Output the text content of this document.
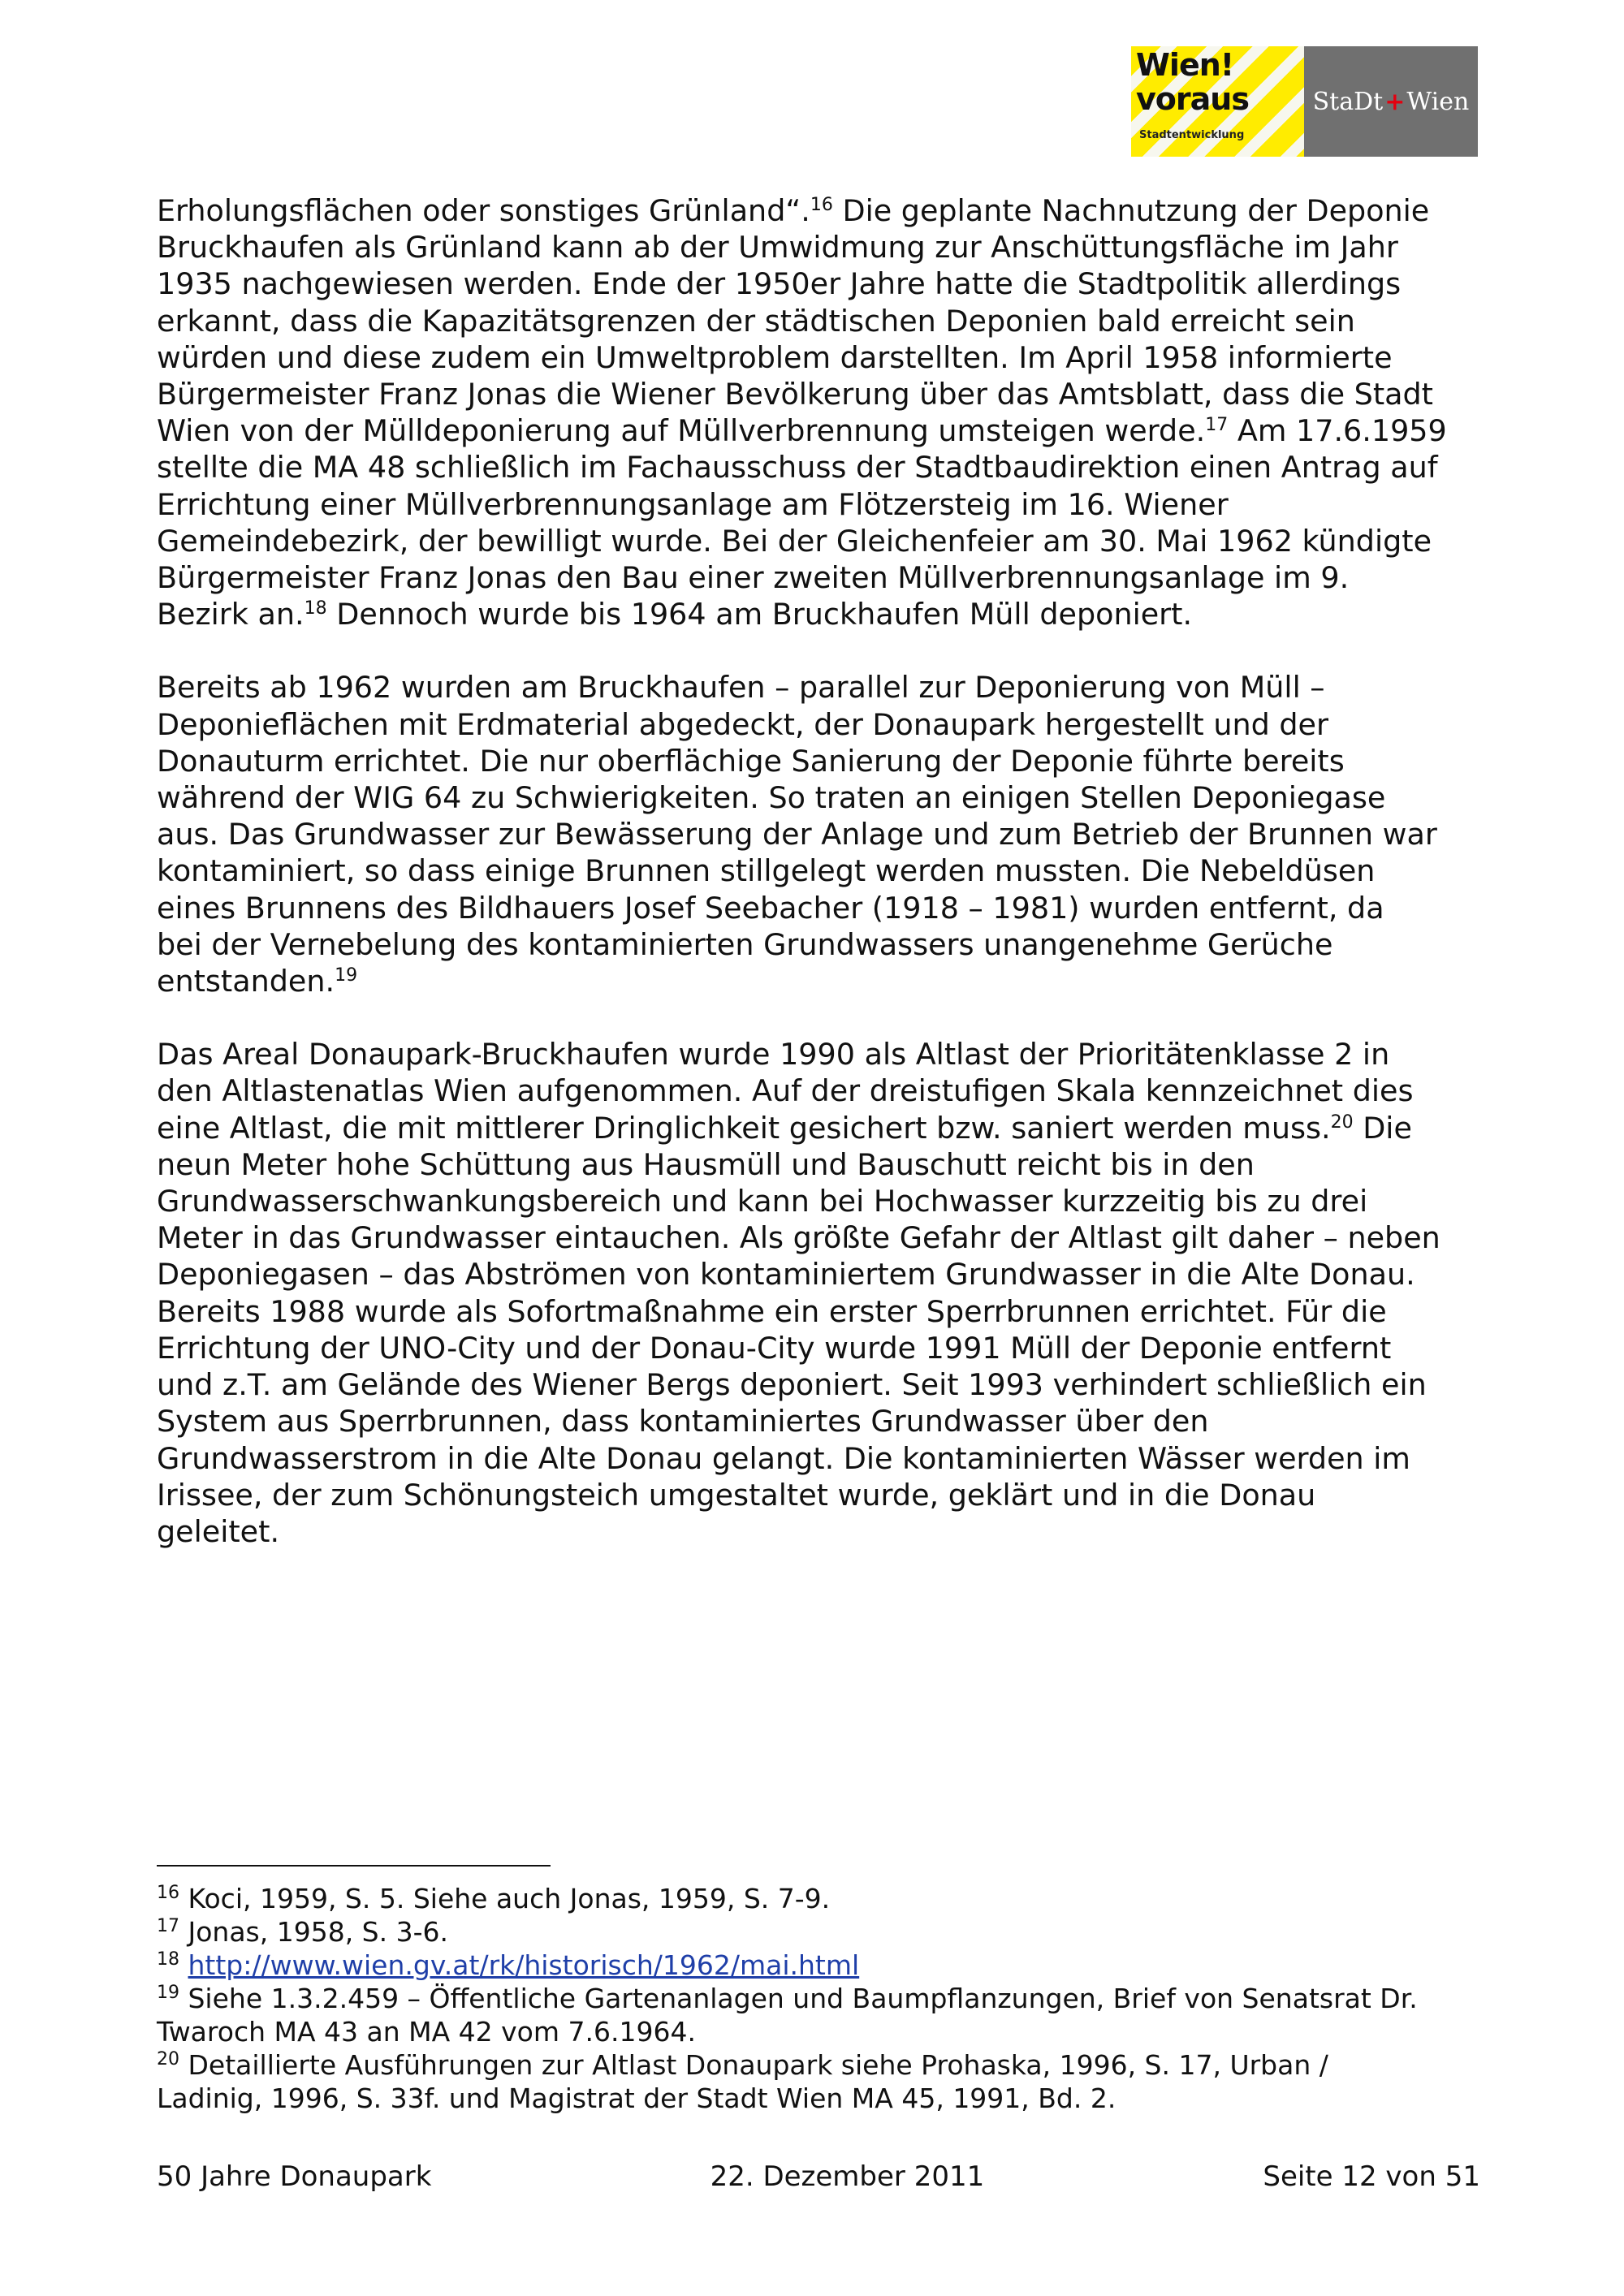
Wien!
voraus
Stadtentwicklung
StaDt + Wien

Erholungsflächen oder sonstiges Grünland“.$^{16}$ Die geplante Nachnutzung der Deponie
Bruckhaufen als Grünland kann ab der Umwidmung zur Anschüttungsfläche im Jahr
1935 nachgewiesen werden. Ende der 1950er Jahre hatte die Stadtpolitik allerdings
erkannt, dass die Kapazitätsgrenzen der städtischen Deponien bald erreicht sein
würden und diese zudem ein Umweltproblem darstellten. Im April 1958 informierte
Bürgermeister Franz Jonas die Wiener Bevölkerung über das Amtsblatt, dass die Stadt
Wien von der Mülldeponierung auf Müllverbrennung umsteigen werde.$^{17}$ Am 17.6.1959
stellte die MA 48 schließlich im Fachausschuss der Stadtbaudirektion einen Antrag auf
Errichtung einer Müllverbrennungsanlage am Flötzersteig im 16. Wiener
Gemeindebezirk, der bewilligt wurde. Bei der Gleichenfeier am 30. Mai 1962 kündigte
Bürgermeister Franz Jonas den Bau einer zweiten Müllverbrennungsanlage im 9.
Bezirk an.$^{18}$ Dennoch wurde bis 1964 am Bruckhaufen Müll deponiert.

Bereits ab 1962 wurden am Bruckhaufen – parallel zur Deponierung von Müll –
Deponieflächen mit Erdmaterial abgedeckt, der Donaupark hergestellt und der
Donauturm errichtet. Die nur oberflächige Sanierung der Deponie führte bereits
während der WIG 64 zu Schwierigkeiten. So traten an einigen Stellen Deponiegase
aus. Das Grundwasser zur Bewässerung der Anlage und zum Betrieb der Brunnen war
kontaminiert, so dass einige Brunnen stillgelegt werden mussten. Die Nebeldüsen
eines Brunnens des Bildhauers Josef Seebacher (1918 – 1981) wurden entfernt, da
bei der Vernebelung des kontaminierten Grundwassers unangenehme Gerüche
entstanden.$^{19}$

Das Areal Donaupark-Bruckhaufen wurde 1990 als Altlast der Prioritätenklasse 2 in
den Altlastenatlas Wien aufgenommen. Auf der dreistufigen Skala kennzeichnet dies
eine Altlast, die mit mittlerer Dringlichkeit gesichert bzw. saniert werden muss.$^{20}$ Die
neun Meter hohe Schüttung aus Hausmüll und Bauschutt reicht bis in den
Grundwasserschwankungsbereich und kann bei Hochwasser kurzzeitig bis zu drei
Meter in das Grundwasser eintauchen. Als größte Gefahr der Altlast gilt daher – neben
Deponiegasen – das Abströmen von kontaminiertem Grundwasser in die Alte Donau.
Bereits 1988 wurde als Sofortmaßnahme ein erster Sperrbrunnen errichtet. Für die
Errichtung der UNO-City und der Donau-City wurde 1991 Müll der Deponie entfernt
und z.T. am Gelände des Wiener Bergs deponiert. Seit 1993 verhindert schließlich ein
System aus Sperrbrunnen, dass kontaminiertes Grundwasser über den
Grundwasserstrom in die Alte Donau gelangt. Die kontaminierten Wässer werden im
Irissee, der zum Schönungsteich umgestaltet wurde, geklärt und in die Donau
geleitet.

$^{16}$ Koci, 1959, S. 5. Siehe auch Jonas, 1959, S. 7-9.

$^{17}$ Jonas, 1958, S. 3-6.

$^{18}$ http://www.wien.gv.at/rk/historisch/1962/mai.html

$^{19}$ Siehe 1.3.2.459 – Öffentliche Gartenanlagen und Baumpflanzungen, Brief von Senatsrat Dr.
Twaroch MA 43 an MA 42 vom 7.6.1964.

$^{20}$ Detaillierte Ausführungen zur Altlast Donaupark siehe Prohaska, 1996, S. 17, Urban /
Ladinig, 1996, S. 33f. und Magistrat der Stadt Wien MA 45, 1991, Bd. 2.

50 Jahre Donaupark	22. Dezember 2011	Seite 12 von 51
